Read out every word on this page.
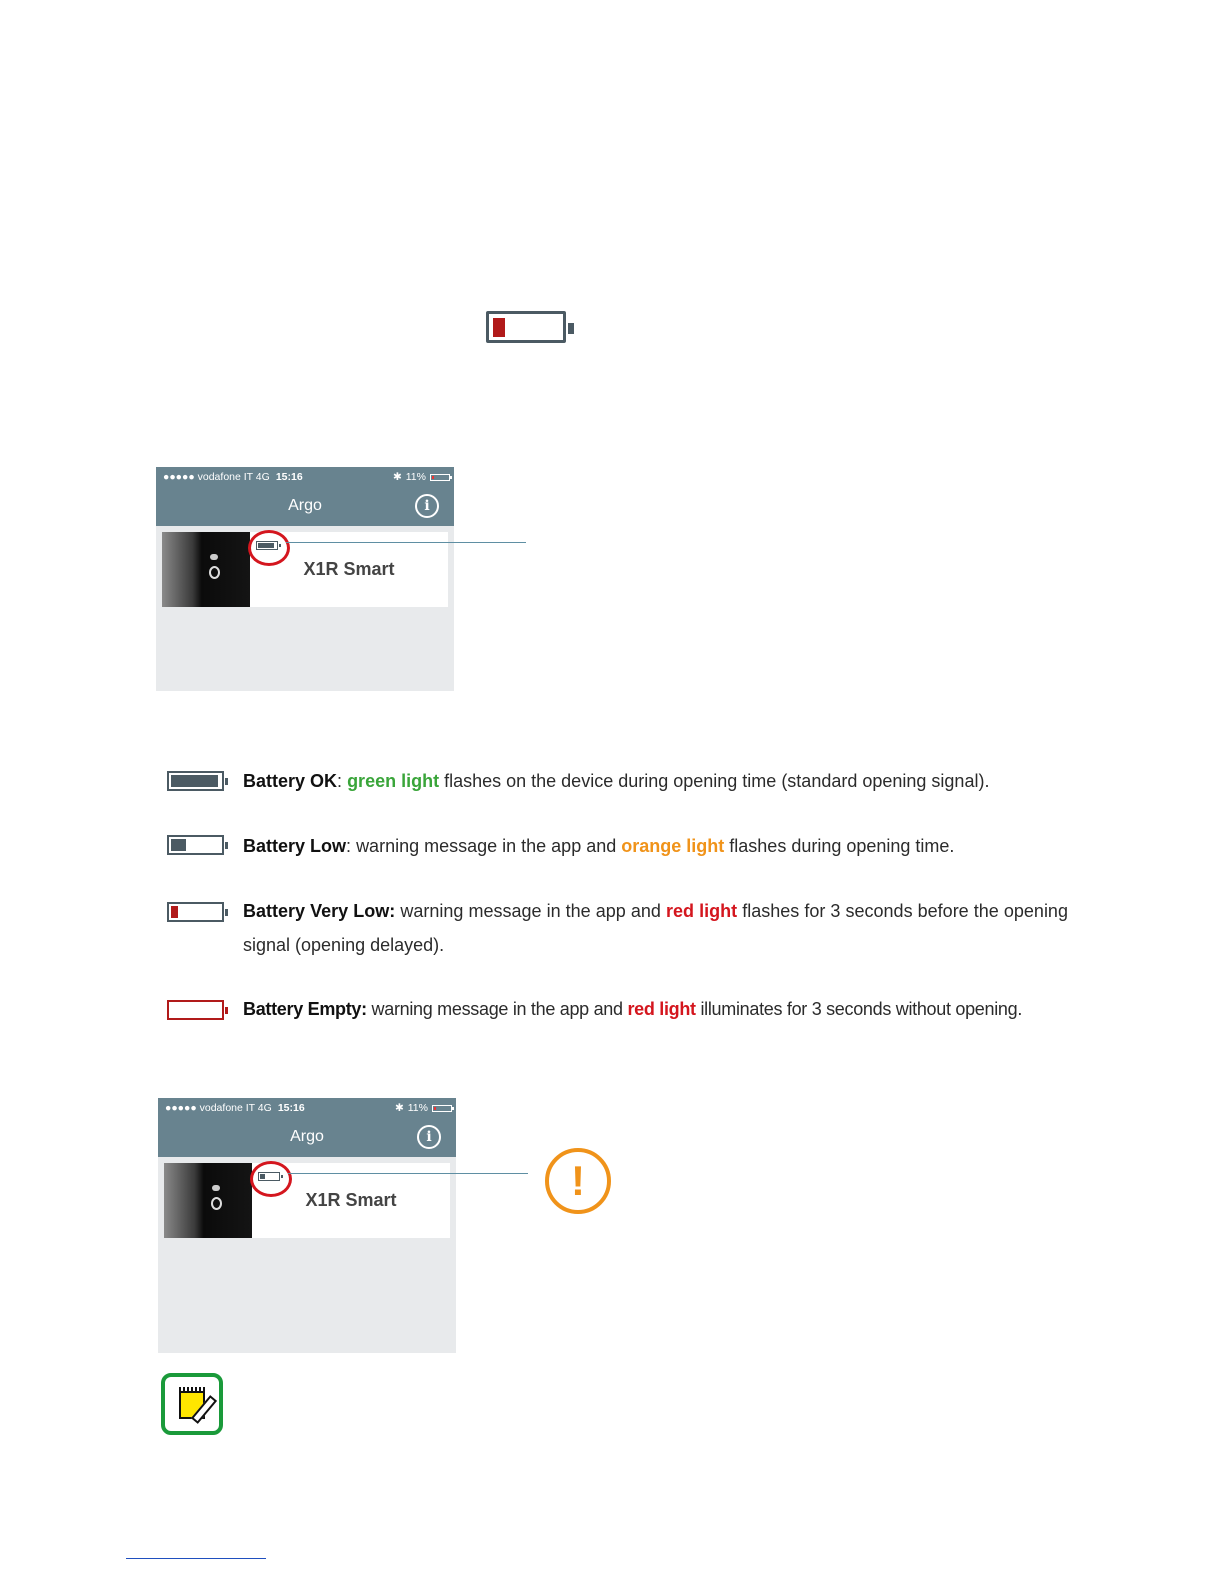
●●●●● vodafone IT 4G 15:16	✱ 11%
Argo	i
X1R Smart
Battery OK: green light flashes on the device during opening time (standard opening signal).
Battery Low: warning message in the app and orange light flashes during opening time.
Battery Very Low: warning message in the app and red light flashes for 3 seconds before the opening signal (opening delayed).
Battery Empty: warning message in the app and red light illuminates for 3 seconds without opening.
●●●●● vodafone IT 4G 15:16	✱ 11%
Argo	i
X1R Smart	!
